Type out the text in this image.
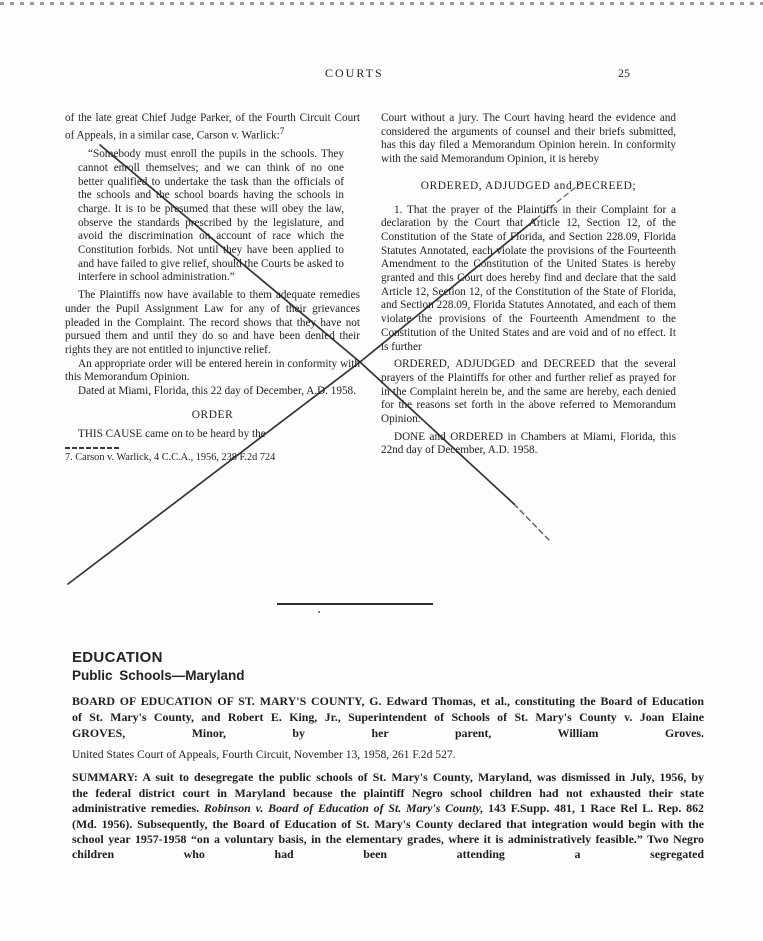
COURTS	25

of the late great Chief Judge Parker, of the Fourth Circuit Court of Appeals, in a similar case, Carson v. Warlick:$^7$

“Somebody must enroll the pupils in the schools. They cannot enroll themselves; and we can think of no one better qualified to undertake the task than the officials of the schools and the school boards having the schools in charge. It is to be presumed that these will obey the law, observe the standards prescribed by the legislature, and avoid the discrimination on account of race which the Constitution forbids. Not until they have been applied to and have failed to give relief, should the Courts be asked to interfere in school administration.”

The Plaintiffs now have available to them adequate remedies under the Pupil Assignment Law for any of their grievances pleaded in the Complaint. The record shows that they have not pursued them and until they do so and have been denied their rights they are not entitled to injunctive relief.

An appropriate order will be entered herein in conformity with this Memorandum Opinion.

Dated at Miami, Florida, this 22 day of December, A.D. 1958.

ORDER

THIS CAUSE came on to be heard by the

7. Carson v. Warlick, 4 C.C.A., 1956, 238 F.2d 724

Court without a jury. The Court having heard the evidence and considered the arguments of counsel and their briefs submitted, has this day filed a Memorandum Opinion herein. In conformity with the said Memorandum Opinion, it is hereby

ORDERED, ADJUDGED and DECREED;

1. That the prayer of the Plaintiffs in their Complaint for a declaration by the Court that Article 12, Section 12, of the Constitution of the State of Florida, and Section 228.09, Florida Statutes Annotated, each violate the provisions of the Fourteenth Amendment to the Constitution of the United States is hereby granted and this Court does hereby find and declare that the said Article 12, Section 12, of the Constitution of the State of Florida, and Section 228.09, Florida Statutes Annotated, and each of them violate the provisions of the Fourteenth Amendment to the Constitution of the United States and are void and of no effect. It is further

ORDERED, ADJUDGED and DECREED that the several prayers of the Plaintiffs for other and further relief as prayed for in the Complaint herein be, and the same are hereby, each denied for the reasons set forth in the above referred to Memorandum Opinion.

DONE and ORDERED in Chambers at Miami, Florida, this 22nd day of December, A.D. 1958.

EDUCATION
Public Schools—Maryland

BOARD OF EDUCATION OF ST. MARY'S COUNTY, G. Edward Thomas, et al., constituting the Board of Education of St. Mary's County, and Robert E. King, Jr., Superintendent of Schools of St. Mary's County v. Joan Elaine GROVES, Minor, by her parent, William Groves.

United States Court of Appeals, Fourth Circuit, November 13, 1958, 261 F.2d 527.

SUMMARY: A suit to desegregate the public schools of St. Mary's County, Maryland, was dismissed in July, 1956, by the federal district court in Maryland because the plaintiff Negro school children had not exhausted their state administrative remedies. Robinson v. Board of Education of St. Mary's County, 143 F.Supp. 481, 1 Race Rel L. Rep. 862 (Md. 1956). Subsequently, the Board of Education of St. Mary's County declared that integration would begin with the school year 1957-1958 “on a voluntary basis, in the elementary grades, where it is administratively feasible.” Two Negro children who had been attending a segregated
